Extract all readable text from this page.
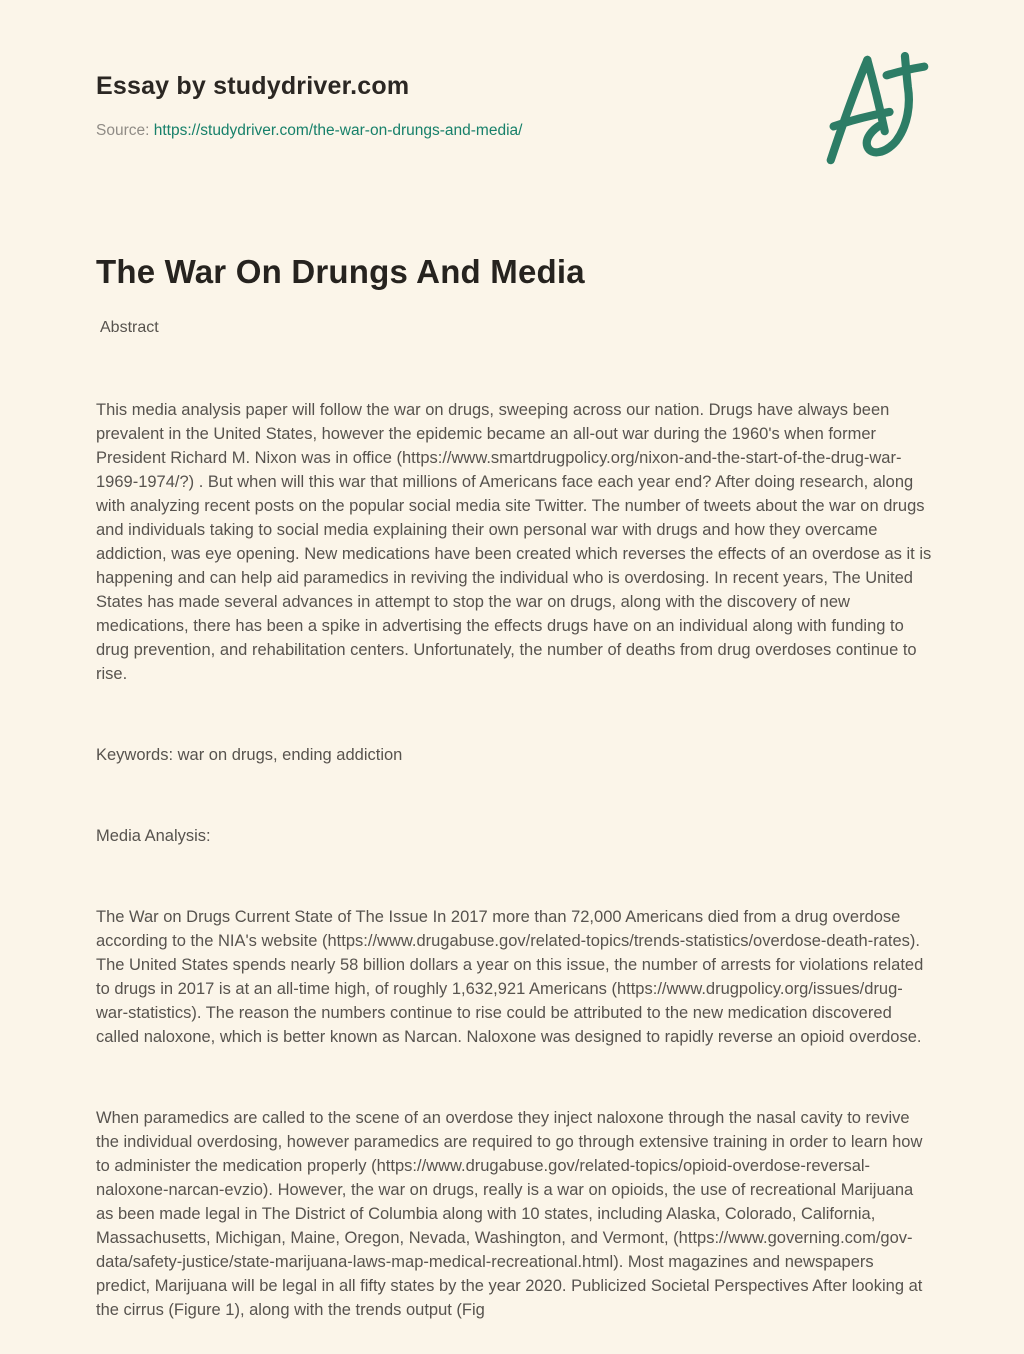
Essay by studydriver.com
Source: https://studydriver.com/the-war-on-drungs-and-media/
The War On Drungs And Media

Abstract

This media analysis paper will follow the war on drugs, sweeping across our nation. Drugs have always been prevalent in the United States, however the epidemic became an all-out war during the 1960's when former President Richard M. Nixon was in office (https://www.smartdrugpolicy.org/nixon-and-the-start-of-the-drug-war-1969-1974/?) . But when will this war that millions of Americans face each year end? After doing research, along with analyzing recent posts on the popular social media site Twitter. The number of tweets about the war on drugs and individuals taking to social media explaining their own personal war with drugs and how they overcame addiction, was eye opening. New medications have been created which reverses the effects of an overdose as it is happening and can help aid paramedics in reviving the individual who is overdosing. In recent years, The United States has made several advances in attempt to stop the war on drugs, along with the discovery of new medications, there has been a spike in advertising the effects drugs have on an individual along with funding to drug prevention, and rehabilitation centers. Unfortunately, the number of deaths from drug overdoses continue to rise.

Keywords: war on drugs, ending addiction

Media Analysis:

The War on Drugs Current State of The Issue In 2017 more than 72,000 Americans died from a drug overdose according to the NIA's website (https://www.drugabuse.gov/related-topics/trends-statistics/overdose-death-rates). The United States spends nearly 58 billion dollars a year on this issue, the number of arrests for violations related to drugs in 2017 is at an all-time high, of roughly 1,632,921 Americans (https://www.drugpolicy.org/issues/drug-war-statistics). The reason the numbers continue to rise could be attributed to the new medication discovered called naloxone, which is better known as Narcan. Naloxone was designed to rapidly reverse an opioid overdose.

When paramedics are called to the scene of an overdose they inject naloxone through the nasal cavity to revive the individual overdosing, however paramedics are required to go through extensive training in order to learn how to administer the medication properly (https://www.drugabuse.gov/related-topics/opioid-overdose-reversal-naloxone-narcan-evzio). However, the war on drugs, really is a war on opioids, the use of recreational Marijuana as been made legal in The District of Columbia along with 10 states, including Alaska, Colorado, California, Massachusetts, Michigan, Maine, Oregon, Nevada, Washington, and Vermont, (https://www.governing.com/gov-data/safety-justice/state-marijuana-laws-map-medical-recreational.html). Most magazines and newspapers predict, Marijuana will be legal in all fifty states by the year 2020. Publicized Societal Perspectives After looking at the cirrus (Figure 1), along with the trends output (Fig
